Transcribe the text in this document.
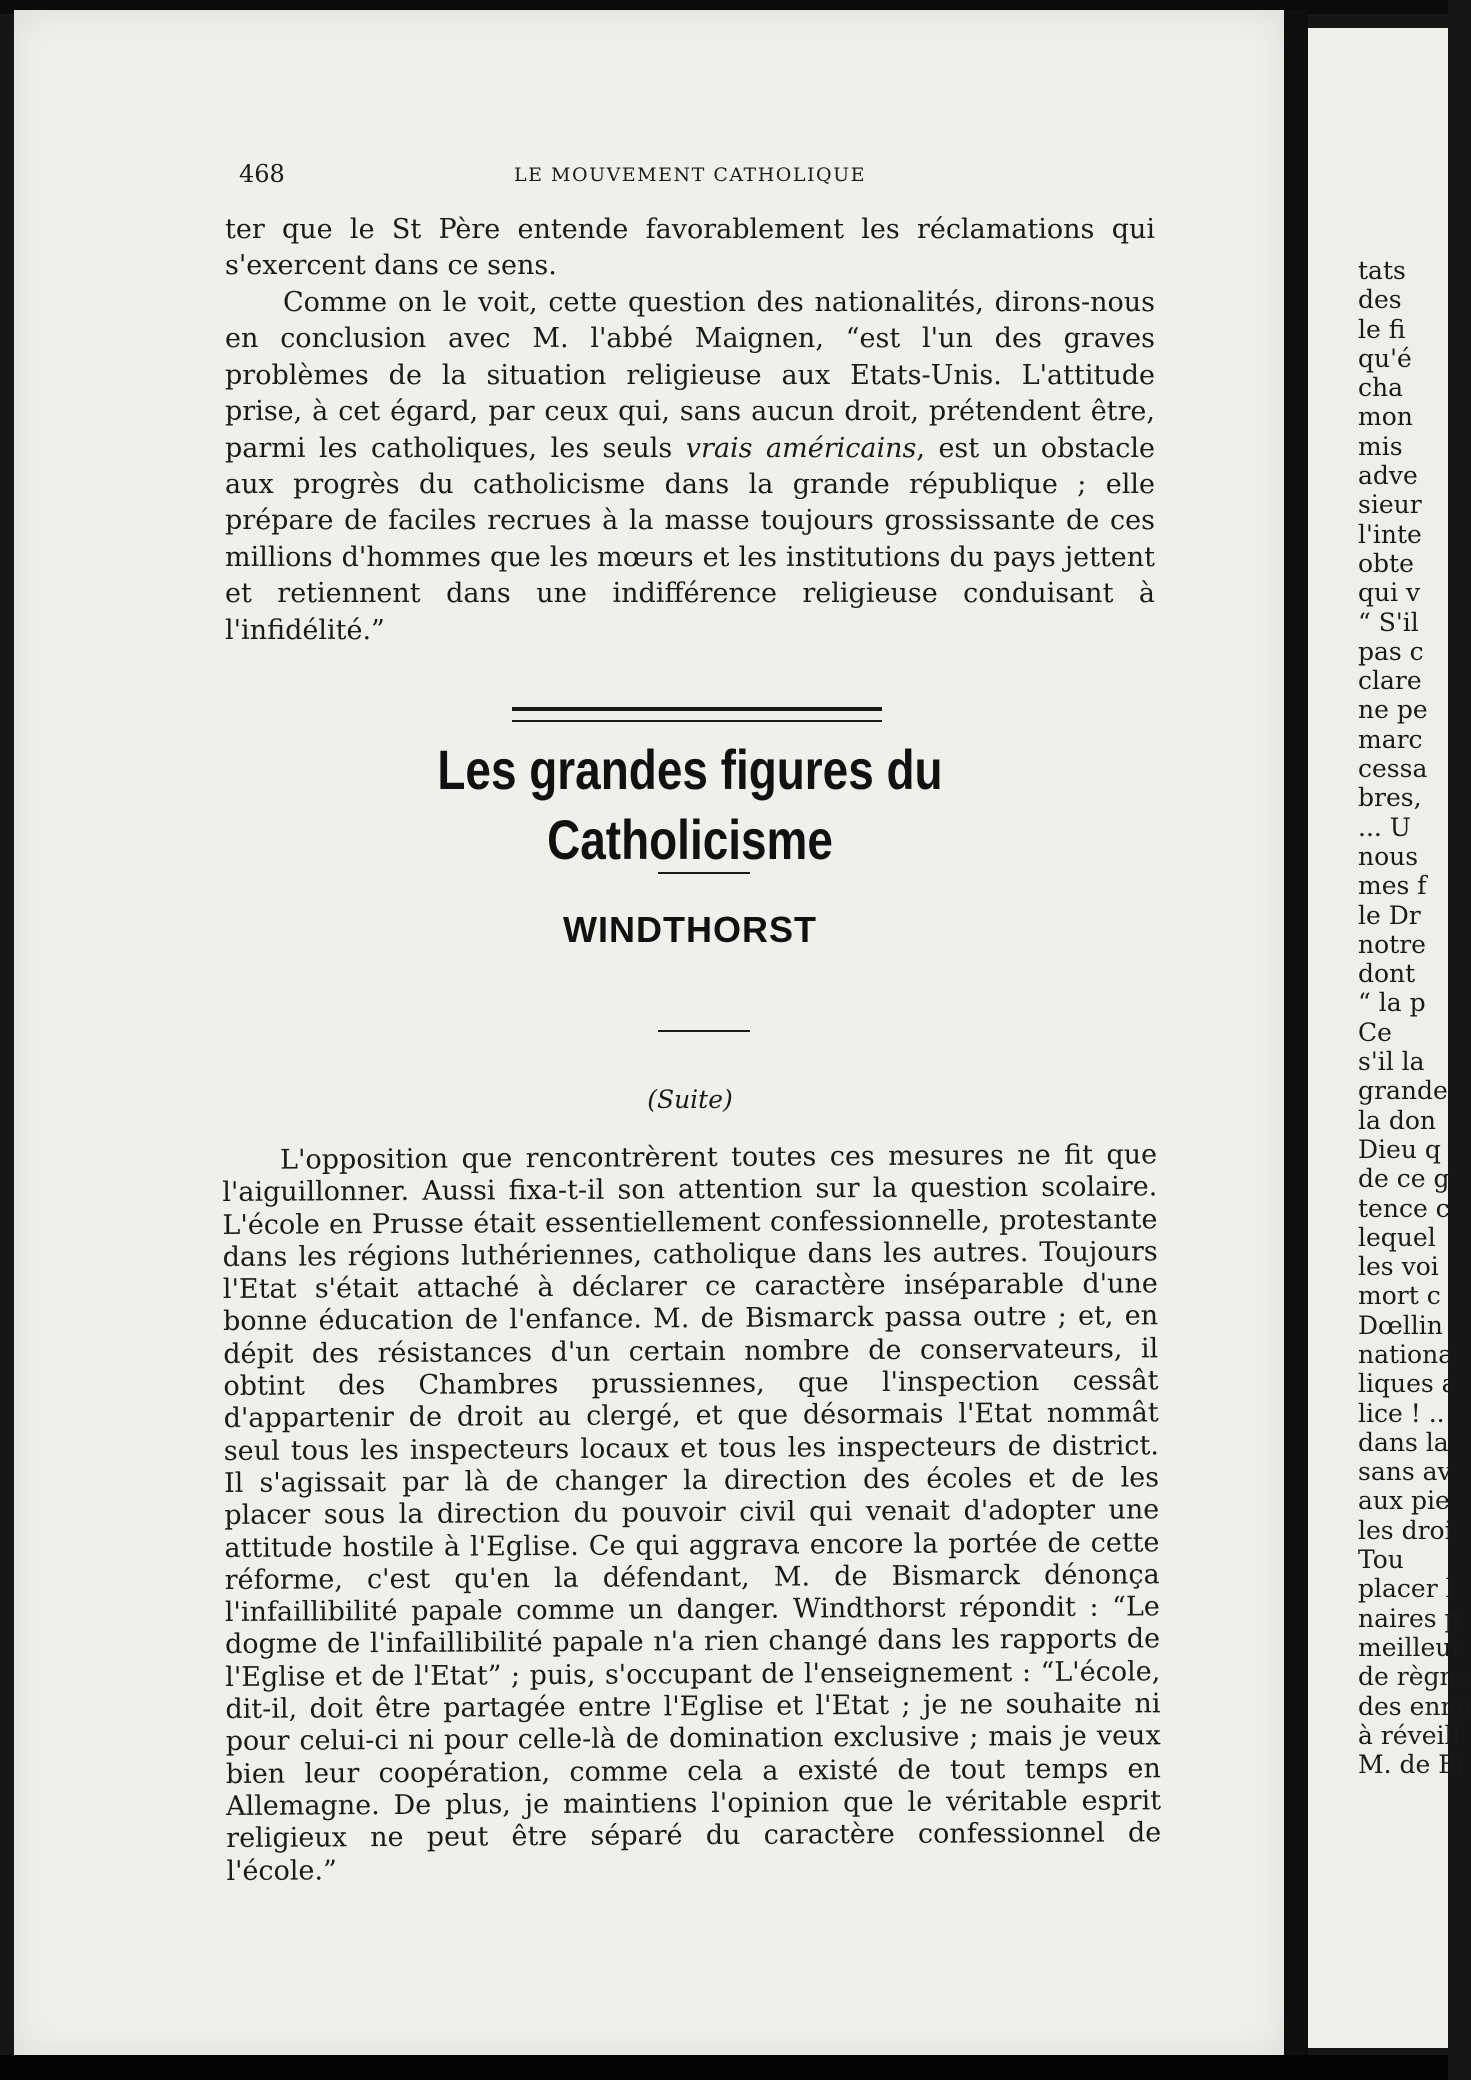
468	LE MOUVEMENT CATHOLIQUE

ter que le St Père entende favorablement les réclamations qui s'exercent dans ce sens.

Comme on le voit, cette question des nationalités, dirons-nous en conclusion avec M. l'abbé Maignen, “est l'un des graves problèmes de la situation religieuse aux Etats-Unis. L'attitude prise, à cet égard, par ceux qui, sans aucun droit, prétendent être, parmi les catholiques, les seuls vrais américains, est un obstacle aux progrès du catholicisme dans la grande république ; elle prépare de faciles recrues à la masse toujours grossissante de ces millions d'hommes que les mœurs et les institutions du pays jettent et retiennent dans une indifférence religieuse conduisant à l'infidélité.”

Les grandes figures du Catholicisme
WINDTHORST

(Suite)

L'opposition que rencontrèrent toutes ces mesures ne fit que l'aiguillonner. Aussi fixa-t-il son attention sur la question scolaire. L'école en Prusse était essentiellement confessionnelle, protestante dans les régions luthériennes, catholique dans les autres. Toujours l'Etat s'était attaché à déclarer ce caractère inséparable d'une bonne éducation de l'enfance. M. de Bismarck passa outre ; et, en dépit des résistances d'un certain nombre de conservateurs, il obtint des Chambres prussiennes, que l'inspection cessât d'appartenir de droit au clergé, et que désormais l'Etat nommât seul tous les inspecteurs locaux et tous les inspecteurs de district. Il s'agissait par là de changer la direction des écoles et de les placer sous la direction du pouvoir civil qui venait d'adopter une attitude hostile à l'Eglise. Ce qui aggrava encore la portée de cette réforme, c'est qu'en la défendant, M. de Bismarck dénonça l'infaillibilité papale comme un danger. Windthorst répondit : “Le dogme de l'infaillibilité papale n'a rien changé dans les rapports de l'Eglise et de l'Etat” ; puis, s'occupant de l'enseignement : “L'école, dit-il, doit être partagée entre l'Eglise et l'Etat ; je ne souhaite ni pour celui-ci ni pour celle-là de domination exclusive ; mais je veux bien leur coopération, comme cela a existé de tout temps en Allemagne. De plus, je maintiens l'opinion que le véritable esprit religieux ne peut être séparé du caractère confessionnel de l'école.”

tats
des
le fi
qu'é
cha
mon
mis
adve
sieur
l'inte
obte
qui v
“ S'il
pas c
clare
ne pe
marc
cessa
bres,
... U
nous
mes f
le Dr
notre
dont
“ la p
Ce
s'il la
grande
la don
Dieu q
de ce g
tence c
lequel
les voi
mort c
Dœllin
nationa
liques a
lice ! ..
dans la
sans av
aux pie
les droi
Tou
placer l
naires p
meilleur
de règne
des enne
à réveill
M. de Bi
